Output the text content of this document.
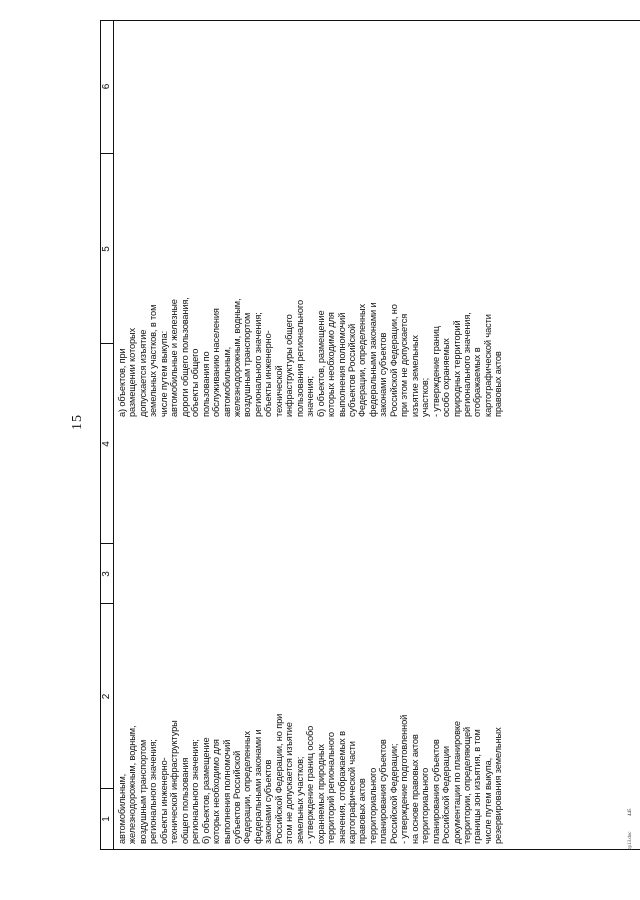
15
1
2
3
4
5
6
автомобильным, железнодорожным, водным, воздушным транспортом регионального значения; объекты инженерно- технической инфраструктуры общего пользования регионального значения; б) объектов, размещение которых необходимо для выполнения полномочий субъектов Российской Федерации, определенных федеральными законами и законами субъектов Российской Федерации, но при этом не допускается изъятие земельных участков; - утверждение границ особо охраняемых природных территорий регионального значения, отображаемых в картографической части правовых актов территориального планирования субъектов Российской Федерации; - утверждение подготовленной на основе правовых актов территориального планирования субъектов Российской Федерации документации по планировке территории, определяющей границы зон изъятия, в том числе путем выкупа, резервирования земельных
а) объектов, при размещении которых допускается изъятие земельных участков, в том числе путем выкупа: автомобильные и железные дороги общего пользования, объекты общего пользования по обслуживанию населения автомобильным, железнодорожным, водным, воздушным транспортом регионального значения; объекты инженерно- технической инфраструктуры общего пользования регионального значения; б) объектов, размещение которых необходимо для выполнения полномочий субъектов Российской Федерации, определенных федеральными законами и законами субъектов Российской Федерации, но при этом не допускается изъятие земельных участков; - утверждение границ особо охраняемых природных территорий регионального значения, отображаемых в картографической части правовых актов
pp13.doc
445
